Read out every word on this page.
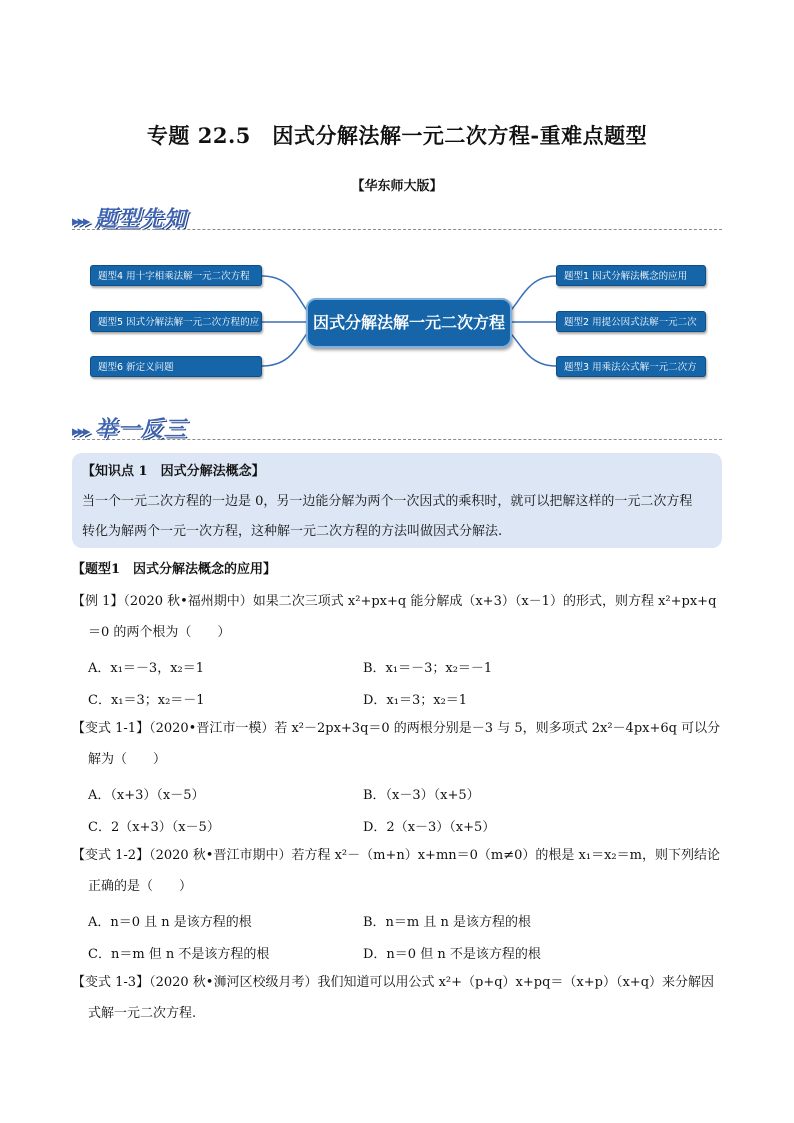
专题 22.5　因式分解法解一元二次方程-重难点题型
【华东师大版】
▸▸▸ 题型先知
题型4 用十字相乘法解一元二次方程
题型5 因式分解法解一元二次方程的应用
题型6 新定义问题
因式分解法解一元二次方程
题型1 因式分解法概念的应用
题型2 用提公因式法解一元二次方程
题型3 用乘法公式解一元二次方程
▸▸▸ 举一反三
【知识点 1　因式分解法概念】
当一个一元二次方程的一边是 0，另一边能分解为两个一次因式的乘积时，就可以把解这样的一元二次方程
转化为解两个一元一次方程，这种解一元二次方程的方法叫做因式分解法.
【题型1　因式分解法概念的应用】
【例 1】（2020 秋•福州期中）如果二次三项式 x²+px+q 能分解成（x+3）（x－1）的形式，则方程 x²+px+q
＝0 的两个根为（　　）
A．x₁＝－3，x₂＝1	B．x₁＝－3；x₂＝－1
C．x₁＝3；x₂＝－1	D．x₁＝3；x₂＝1
【变式 1-1】（2020•晋江市一模）若 x²－2px+3q＝0 的两根分别是－3 与 5，则多项式 2x²－4px+6q 可以分
解为（　　）
A．（x+3）（x－5）	B．（x－3）（x+5）
C．2（x+3）（x－5）	D．2（x－3）（x+5）
【变式 1-2】（2020 秋•晋江市期中）若方程 x²－（m+n）x+mn＝0（m≠0）的根是 x₁＝x₂＝m，则下列结论
正确的是（　　）
A．n＝0 且 n 是该方程的根	B．n＝m 且 n 是该方程的根
C．n＝m 但 n 不是该方程的根	D．n＝0 但 n 不是该方程的根
【变式 1-3】（2020 秋•浉河区校级月考）我们知道可以用公式 x²+（p+q）x+pq＝（x+p）（x+q）来分解因
式解一元二次方程.
